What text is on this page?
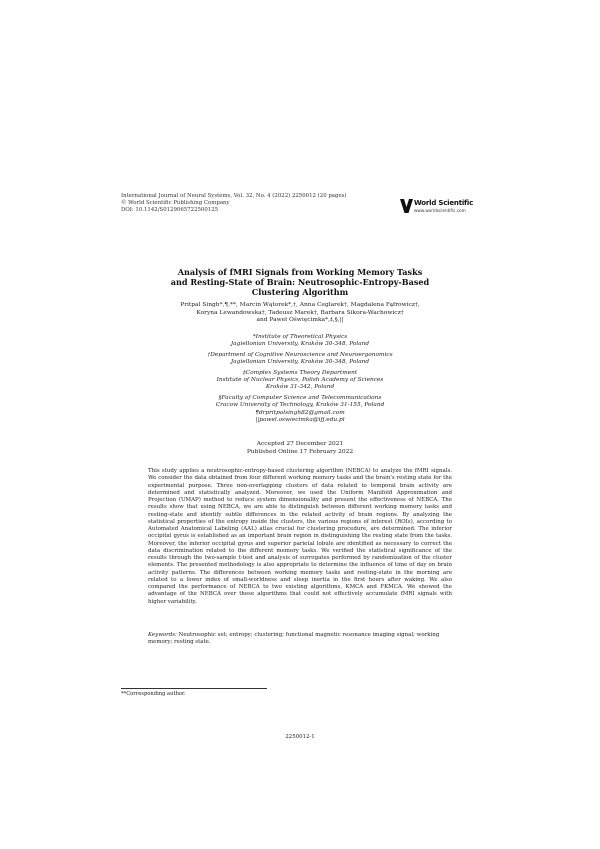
International Journal of Neural Systems, Vol. 32, No. 4 (2022) 2250012 (20 pages)
© World Scientific Publishing Company
DOI: 10.1142/S0129065722500125
World Scientific
www.worldscientific.com
Analysis of fMRI Signals from Working Memory Tasks
and Resting-State of Brain: Neutrosophic-Entropy-Based
Clustering Algorithm
Pritpal Singh*,¶,**, Marcin Wątorek*,†, Anna Ceglarek†, Magdalena Fąfrowicz†,
Koryna Lewandowska†, Tadeusz Marek†, Barbara Sikora-Wachowicz†
and Paweł Oświęcimka*,‡,§,||
*Institute of Theoretical Physics
Jagiellonian University, Kraków 30-348, Poland
†Department of Cognitive Neuroscience and Neuroergonomics
Jagiellonian University, Kraków 30-348, Poland
‡Complex Systems Theory Department
Institute of Nuclear Physics, Polish Academy of Sciences
Kraków 31-342, Poland
§Faculty of Computer Science and Telecommunications
Cracow University of Technology, Kraków 31-155, Poland
¶drpritpalsingh82@gmail.com
||pawel.oswiecimka@ifj.edu.pl
Accepted 27 December 2021
Published Online 17 February 2022
This study applies a neutrosophic-entropy-based clustering algorithm (NEBCA) to analyze the fMRI signals. We consider the data obtained from four different working memory tasks and the brain's resting state for the experimental purpose. Three non-overlapping clusters of data related to temporal brain activity are determined and statistically analyzed. Moreover, we used the Uniform Manifold Approximation and Projection (UMAP) method to reduce system dimensionality and present the effectiveness of NEBCA. The results show that using NEBCA, we are able to distinguish between different working memory tasks and resting-state and identify subtle differences in the related activity of brain regions. By analyzing the statistical properties of the entropy inside the clusters, the various regions of interest (ROIs), according to Automated Anatomical Labeling (AAL) atlas crucial for clustering procedure, are determined. The inferior occipital gyrus is established as an important brain region in distinguishing the resting state from the tasks. Moreover, the inferior occipital gyrus and superior parietal lobule are identified as necessary to correct the data discrimination related to the different memory tasks. We verified the statistical significance of the results through the two-sample t-test and analysis of surrogates performed by randomization of the cluster elements. The presented methodology is also appropriate to determine the influence of time of day on brain activity patterns. The differences between working memory tasks and resting-state in the morning are related to a lower index of small-worldness and sleep inertia in the first hours after waking. We also compared the performance of NEBCA to two existing algorithms, KMCA and FKMCA. We showed the advantage of the NEBCA over these algorithms that could not effectively accumulate fMRI signals with higher variability.
Keywords: Neutrosophic set; entropy; clustering; functional magnetic resonance imaging signal; working memory; resting state.
**Corresponding author.
2250012-1
